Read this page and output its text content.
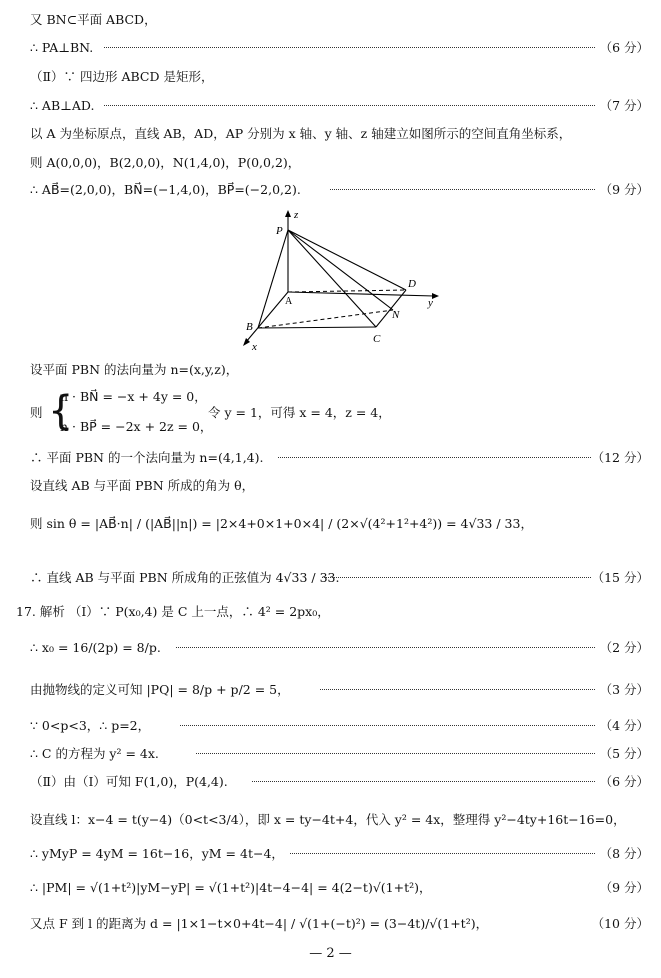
又 BN⊂平面 ABCD，
∴ PA⊥BN.	（6 分）
（Ⅱ）∵ 四边形 ABCD 是矩形，
∴ AB⊥AD.	（7 分）
以 A 为坐标原点，直线 AB，AD，AP 分别为 x 轴、y 轴、z 轴建立如图所示的空间直角坐标系，
则 A(0,0,0)，B(2,0,0)，N(1,4,0)，P(0,0,2)，
∴ AB⃗=(2,0,0)，BN⃗=(−1,4,0)，BP⃗=(−2,0,2).	（9 分）
P
z
y
x
A
B
C
D
N
设平面 PBN 的法向量为 n=(x,y,z)，
则 {
n · BN⃗ = −x + 4y = 0，
n · BP⃗ = −2x + 2z = 0，
令 y = 1，可得 x = 4，z = 4，
∴ 平面 PBN 的一个法向量为 n=(4,1,4).	（12 分）
设直线 AB 与平面 PBN 所成的角为 θ，
则 sin θ = |AB⃗·n| / (|AB⃗||n|) = |2×4+0×1+0×4| / (2×√(4²+1²+4²)) = 4√33 / 33，
∴ 直线 AB 与平面 PBN 所成角的正弦值为 4√33 / 33.	（15 分）
17. 解析 （Ⅰ）∵ P(x₀,4) 是 C 上一点，∴ 4² = 2px₀，
∴ x₀ = 16/(2p) = 8/p.	（2 分）
由抛物线的定义可知 |PQ| = 8/p + p/2 = 5，	（3 分）
∵ 0<p<3，∴ p=2，	（4 分）
∴ C 的方程为 y² = 4x.	（5 分）
（Ⅱ）由（Ⅰ）可知 F(1,0)，P(4,4).	（6 分）
设直线 l：x−4 = t(y−4)（0<t<3/4），即 x = ty−4t+4，代入 y² = 4x，整理得 y²−4ty+16t−16=0，
∴ yMyP = 4yM = 16t−16，yM = 4t−4，	（8 分）
∴ |PM| = √(1+t²)|yM−yP| = √(1+t²)|4t−4−4| = 4(2−t)√(1+t²)，	（9 分）
又点 F 到 l 的距离为 d = |1×1−t×0+4t−4| / √(1+(−t)²) = (3−4t)/√(1+t²)，	（10 分）
— 2 —
